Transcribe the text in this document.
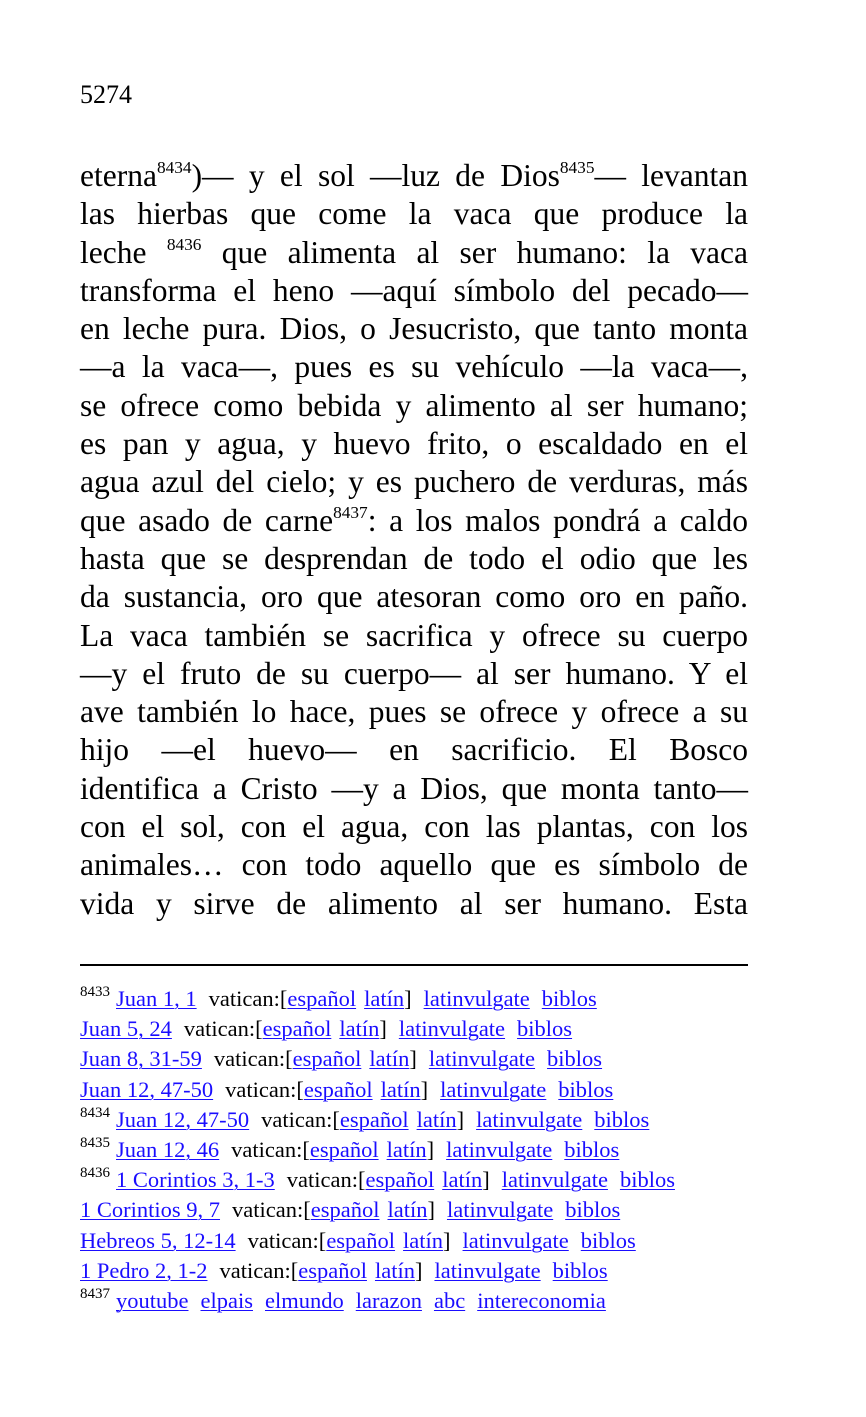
5274
eterna$^{8434}$)— y el sol —luz de Dios$^{8435}$— levantan
las hierbas que come la vaca que produce la
leche $^{8436}$ que alimenta al ser humano: la vaca
transforma el heno —aquí símbolo del pecado—
en leche pura. Dios, o Jesucristo, que tanto monta
—a la vaca—, pues es su vehículo —la vaca—,
se ofrece como bebida y alimento al ser humano;
es pan y agua, y huevo frito, o escaldado en el
agua azul del cielo; y es puchero de verduras, más
que asado de carne$^{8437}$: a los malos pondrá a caldo
hasta que se desprendan de todo el odio que les
da sustancia, oro que atesoran como oro en paño.
La vaca también se sacrifica y ofrece su cuerpo
—y el fruto de su cuerpo— al ser humano. Y el
ave también lo hace, pues se ofrece y ofrece a su
hijo —el huevo— en sacrificio. El Bosco
identifica a Cristo —y a Dios, que monta tanto—
con el sol, con el agua, con las plantas, con los
animales… con todo aquello que es símbolo de
vida y sirve de alimento al ser humano. Esta
$^{8433}$ Juan 1, 1 vatican:[español latín] latinvulgate biblos
Juan 5, 24 vatican:[español latín] latinvulgate biblos
Juan 8, 31-59 vatican:[español latín] latinvulgate biblos
Juan 12, 47-50 vatican:[español latín] latinvulgate biblos
$^{8434}$ Juan 12, 47-50 vatican:[español latín] latinvulgate biblos
$^{8435}$ Juan 12, 46 vatican:[español latín] latinvulgate biblos
$^{8436}$ 1 Corintios 3, 1-3 vatican:[español latín] latinvulgate biblos
1 Corintios 9, 7 vatican:[español latín] latinvulgate biblos
Hebreos 5, 12-14 vatican:[español latín] latinvulgate biblos
1 Pedro 2, 1-2 vatican:[español latín] latinvulgate biblos
$^{8437}$ youtube elpais elmundo larazon abc intereconomia
